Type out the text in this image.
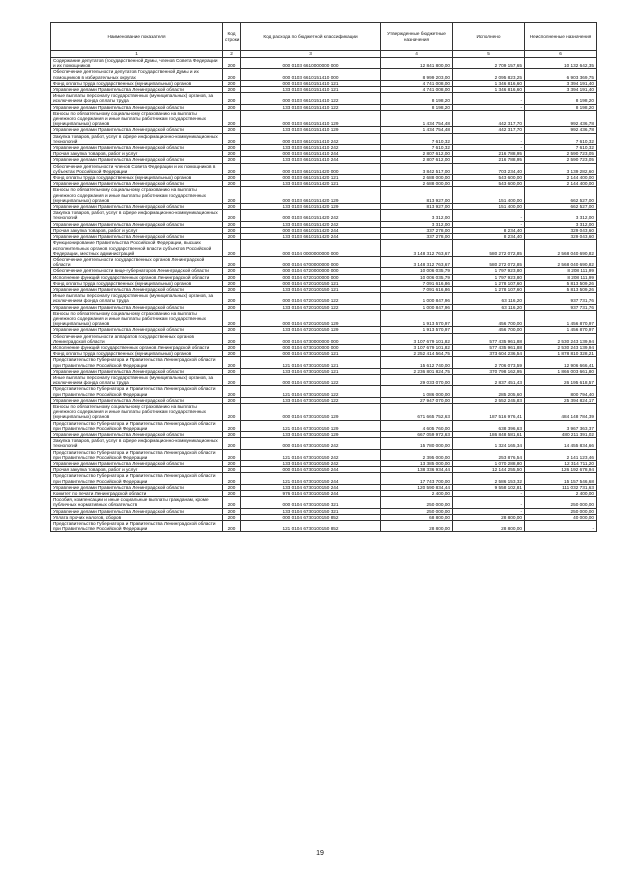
Наименование показателя	Код строки	Код расхода по бюджетной классификации	Утвержденные бюджетные назначения	Исполнено	Неисполненные назначения
1	2	3	4	5	6
Содержание депутатов (государственной Думы, членов Совета Федерации и их помощников	200	000 0103 6610000000 000	12 841 800,00	2 709 157,65	10 132 642,35
Обеспечение деятельности депутатов Государственной Думы и их помощников в избирательных округах	200	000 0103 6610151410 000	8 999 203,00	2 095 823,25	6 903 369,75
Фонд оплаты труда государственных (муниципальных) органов	200	000 0103 6610151410 121	4 741 008,00	1 346 816,60	3 394 191,40
Управление делами Правительства Ленинградской области	200	133 0103 6610151410 121	4 741 008,00	1 346 816,60	3 394 191,40
Иные выплаты персоналу государственных (муниципальных) органов, за исключением фонда оплаты труда	200	000 0103 6610151410 122	8 198,20	-	8 198,20
Управление делами Правительства Ленинградской области	200	133 0103 6610151410 122	8 198,20	-	8 198,20
Взносы по обязательному социальному страхованию на выплаты денежного содержания и иные выплаты работникам государственных (муниципальных) органов	200	000 0103 6610151410 129	1 434 754,48	442 317,70	992 436,78
Управление делами Правительства Ленинградской области	200	133 0103 6610151410 129	1 434 754,48	442 317,70	992 436,78
Закупка товаров, работ, услуг в сфере информационно-коммуникационных технологий	200	000 0103 6610151410 242	7 610,32	-	7 610,32
Управление делами Правительства Ленинградской области	200	133 0103 6610151410 242	7 610,32	-	7 610,32
Прочая закупка товаров, работ и услуг	200	000 0103 6610151410 244	2 807 612,00	216 788,95	2 590 723,05
Управление делами Правительства Ленинградской области	200	133 0103 6610151410 244	2 807 612,00	216 788,95	2 590 723,05
Обеспечение деятельности членов Совета Федерации и их помощников в субъектах Российской Федерации	200	000 0103 6610151420 000	3 842 517,00	703 234,40	3 139 282,60
Фонд оплаты труда государственных (муниципальных) органов	200	000 0103 6610151420 121	2 688 000,00	543 600,00	2 144 400,00
Управление делами Правительства Ленинградской области	200	133 0103 6610151420 121	2 688 000,00	543 600,00	2 144 400,00
Взносы по обязательному социальному страхованию на выплаты денежного содержания и иные выплаты работникам государственных (муниципальных) органов	200	000 0103 6610151420 129	813 927,00	151 400,00	662 527,00
Управление делами Правительства Ленинградской области	200	133 0103 6610151420 129	813 927,00	151 400,00	662 527,00
Закупка товаров, работ, услуг в сфере информационно-коммуникационных технологий	200	000 0103 6610151420 242	3 312,00	-	3 312,00
Управление делами Правительства Ленинградской области	200	133 0103 6610151420 242	3 312,00	-	3 312,00
Прочая закупка товаров, работ и услуг	200	000 0103 6610151420 244	337 278,00	8 234,40	329 043,60
Управление делами Правительства Ленинградской области	200	133 0103 6610151420 244	337 278,00	8 234,40	329 043,60
Функционирование Правительства Российской Федерации, высших исполнительных органов государственной власти субъектов Российской Федерации, местных администраций	200	000 0104 0000000000 000	3 148 312 763,67	580 272 072,85	2 568 040 690,82
Обеспечение деятельности государственных органов Ленинградской области	200	000 0104 6700000000 000	3 148 312 763,67	580 272 072,85	2 568 040 690,82
Обеспечение деятельности вице-губернаторов Ленинградской области	200	000 0104 6720000000 000	10 006 035,79	1 797 923,80	8 208 111,99
Исполнение функций государственных органов Ленинградской области	200	000 0104 6720100000 000	10 006 035,79	1 797 923,80	8 208 111,99
Фонд оплаты труда государственных (муниципальных) органов	200	000 0104 6720100150 121	7 091 616,86	1 278 107,60	5 813 509,26
Управление делами Правительства Ленинградской области	200	133 0104 6720100150 121	7 091 616,86	1 278 107,60	5 813 509,26
Иные выплаты персоналу государственных (муниципальных) органов, за исключением фонда оплаты труда	200	000 0104 6720100150 122	1 000 847,96	63 116,20	937 731,76
Управление делами Правительства Ленинградской области	200	133 0104 6720100150 122	1 000 847,96	63 116,20	937 731,76
Взносы по обязательному социальному страхованию на выплаты денежного содержания и иные выплаты работникам государственных (муниципальных) органов	200	000 0104 6720100150 129	1 913 570,97	456 700,00	1 456 870,97
Управление делами Правительства Ленинградской области	200	133 0104 6720100150 129	1 913 570,97	456 700,00	1 456 870,97
Обеспечение деятельности аппаратов государственных органов Ленинградской области	200	000 0104 6730000000 000	3 107 679 101,82	577 435 961,88	2 530 243 139,94
Исполнение функций государственных органов Ленинградской области	200	000 0104 6730100000 000	3 107 679 101,82	577 435 961,88	2 530 243 139,94
Фонд оплаты труда государственных (муниципальных) органов	200	000 0104 6730100150 121	2 252 414 564,75	373 604 236,54	1 878 810 328,21
Представительство Губернатора и Правительства Ленинградской области при Правительстве Российской Федерации	200	121 0104 6730100150 121	15 612 740,00	2 706 073,59	12 906 666,41
Управление делами Правительства Ленинградской области	200	133 0104 6730100150 121	2 236 801 824,75	370 798 162,95	1 866 003 661,80
Иные выплаты персоналу государственных (муниципальных) органов, за исключением фонда оплаты труда	200	000 0104 6730100150 122	29 033 070,00	2 837 451,43	26 195 618,57
Представительство Губернатора и Правительства Ленинградской области при Правительстве Российской Федерации	200	121 0104 6730100150 122	1 086 000,00	285 205,60	800 794,40
Управление делами Правительства Ленинградской области	200	133 0104 6730100150 122	27 947 070,00	2 552 245,83	25 394 824,17
Взносы по обязательному социальному страхованию на выплаты денежного содержания и иные выплаты работникам государственных (муниципальных) органов	200	000 0104 6730100150 129	671 665 752,63	187 516 976,41	484 148 784,39
Представительство Губернатора и Правительства Ленинградской области при Правительстве Российской Федерации	200	121 0104 6730100150 129	4 605 760,00	638 396,63	3 967 363,37
Управление делами Правительства Ленинградской области	200	133 0104 6730100150 129	667 059 972,63	186 848 581,61	480 211 391,02
Закупка товаров, работ, услуг в сфере информационно-коммуникационных технологий	200	000 0104 6730100150 242	15 780 000,00	1 324 165,34	14 455 834,66
Представительство Губернатора и Правительства Ленинградской области при Правительстве Российской Федерации	200	121 0104 6730100150 242	2 395 000,00	253 876,54	2 141 123,46
Управление делами Правительства Ленинградской области	200	133 0104 6730100150 242	13 385 000,00	1 070 288,80	12 314 711,20
Прочая закупка товаров, работ и услуг	200	000 0104 6730100150 244	138 336 934,44	12 144 255,50	126 192 678,94
Представительство Губернатора и Правительства Ленинградской области при Правительстве Российской Федерации	200	121 0104 6730100150 244	17 743 700,00	2 586 153,32	15 157 546,68
Управление делами Правительства Ленинградской области	200	133 0104 6730100150 244	120 590 834,44	9 558 102,81	111 032 731,63
Комитет по печати Ленинградской области	200	976 0104 6730100150 244	2 400,00	-	2 400,00
Пособия, компенсации и иные социальные выплаты гражданам, кроме публичных нормативных обязательств	200	000 0104 6730100150 321	250 000,00	-	250 000,00
Управление делами Правительства Ленинградской области	200	133 0104 6730100150 321	250 000,00	-	250 000,00
Уплата прочих налогов, сборов	200	000 0104 6730100150 852	68 800,00	28 800,00	40 000,00
Представительство Губернатора и Правительства Ленинградской области при Правительстве Российской Федерации	200	121 0104 6730100150 852	28 800,00	28 800,00	-
19
